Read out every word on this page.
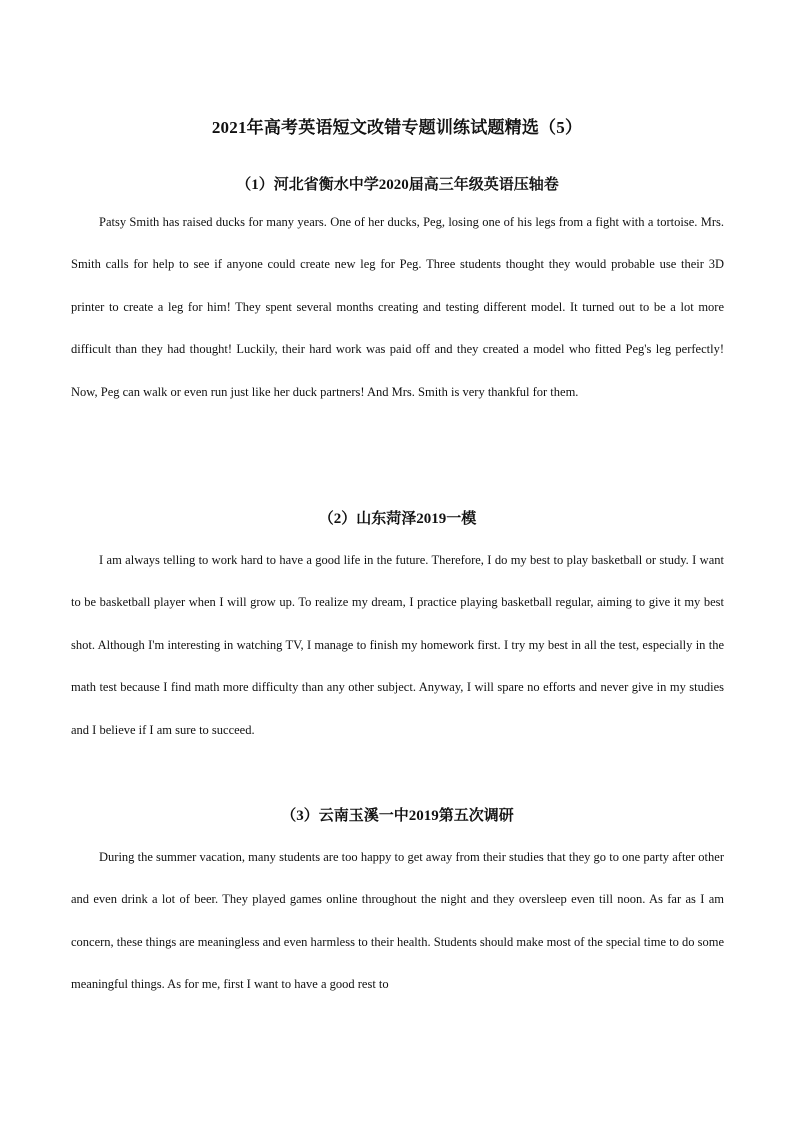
2021年高考英语短文改错专题训练试题精选（5）
（1）河北省衡水中学2020届高三年级英语压轴卷

Patsy Smith has raised ducks for many years. One of her ducks, Peg, losing one of his legs from a fight with a tortoise. Mrs. Smith calls for help to see if anyone could create new leg for Peg. Three students thought they would probable use their 3D printer to create a leg for him! They spent several months creating and testing different model. It turned out to be a lot more difficult than they had thought! Luckily, their hard work was paid off and they created a model who fitted Peg's leg perfectly! Now, Peg can walk or even run just like her duck partners! And Mrs. Smith is very thankful for them.

（2）山东菏泽2019一模

I am always telling to work hard to have a good life in the future. Therefore, I do my best to play basketball or study. I want to be basketball player when I will grow up. To realize my dream, I practice playing basketball regular, aiming to give it my best shot. Although I'm interesting in watching TV, I manage to finish my homework first. I try my best in all the test, especially in the math test because I find math more difficulty than any other subject. Anyway, I will spare no efforts and never give in my studies and I believe if I am sure to succeed.

（3）云南玉溪一中2019第五次调研

During the summer vacation, many students are too happy to get away from their studies that they go to one party after other and even drink a lot of beer. They played games online throughout the night and they oversleep even till noon. As far as I am concern, these things are meaningless and even harmless to their health. Students should make most of the special time to do some meaningful things. As for me, first I want to have a good rest to
